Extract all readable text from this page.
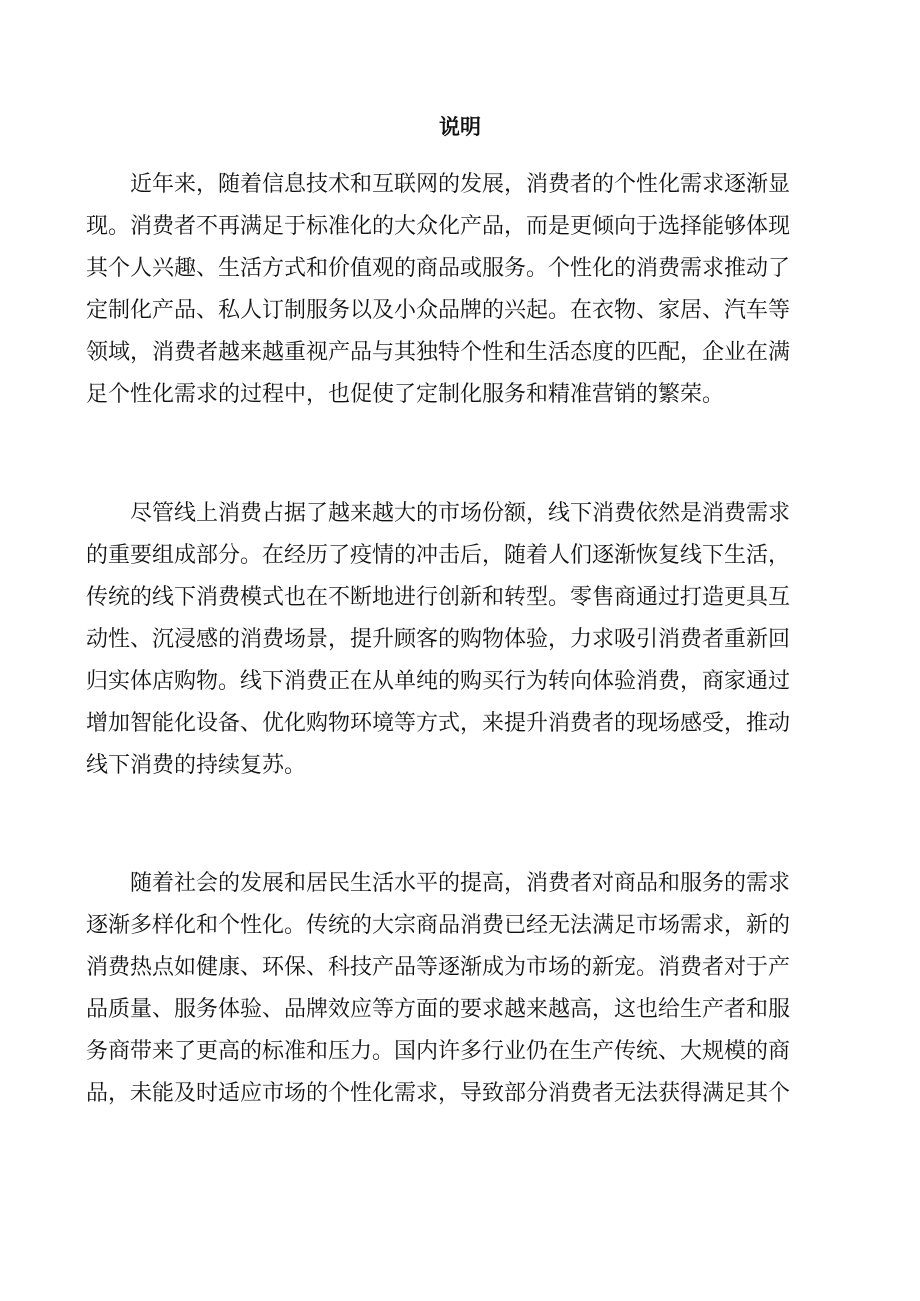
说明

近年来，随着信息技术和互联网的发展，消费者的个性化需求逐渐显
现。消费者不再满足于标准化的大众化产品，而是更倾向于选择能够体现
其个人兴趣、生活方式和价值观的商品或服务。个性化的消费需求推动了
定制化产品、私人订制服务以及小众品牌的兴起。在衣物、家居、汽车等
领域，消费者越来越重视产品与其独特个性和生活态度的匹配，企业在满
足个性化需求的过程中，也促使了定制化服务和精准营销的繁荣。

尽管线上消费占据了越来越大的市场份额，线下消费依然是消费需求
的重要组成部分。在经历了疫情的冲击后，随着人们逐渐恢复线下生活，
传统的线下消费模式也在不断地进行创新和转型。零售商通过打造更具互
动性、沉浸感的消费场景，提升顾客的购物体验，力求吸引消费者重新回
归实体店购物。线下消费正在从单纯的购买行为转向体验消费，商家通过
增加智能化设备、优化购物环境等方式，来提升消费者的现场感受，推动
线下消费的持续复苏。

随着社会的发展和居民生活水平的提高，消费者对商品和服务的需求
逐渐多样化和个性化。传统的大宗商品消费已经无法满足市场需求，新的
消费热点如健康、环保、科技产品等逐渐成为市场的新宠。消费者对于产
品质量、服务体验、品牌效应等方面的要求越来越高，这也给生产者和服
务商带来了更高的标准和压力。国内许多行业仍在生产传统、大规模的商
品，未能及时适应市场的个性化需求，导致部分消费者无法获得满足其个
